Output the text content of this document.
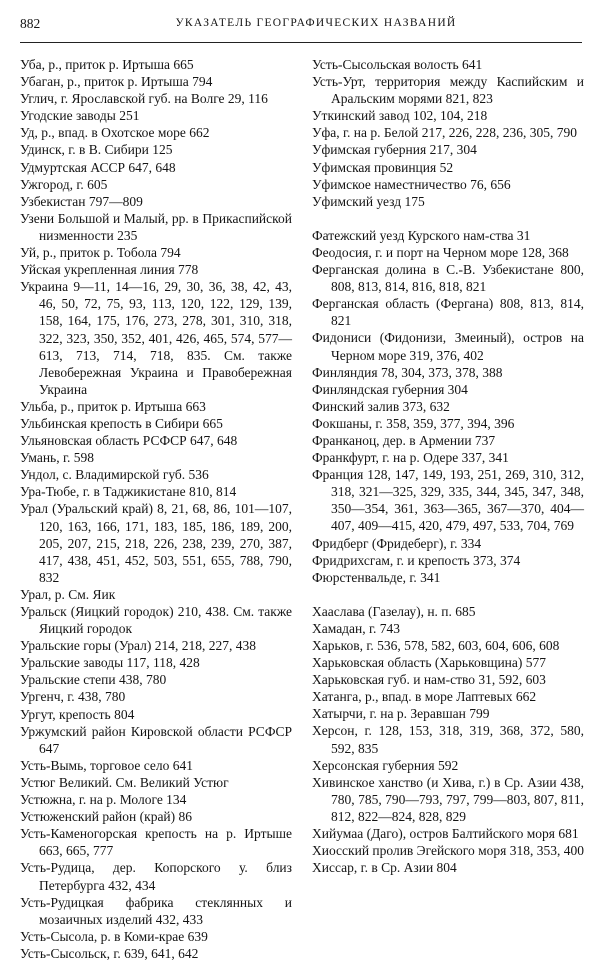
882	УКАЗАТЕЛЬ ГЕОГРАФИЧЕСКИХ НАЗВАНИЙ
Уба, р., приток р. Иртыша 665
Убаган, р., приток р. Иртыша 794
Углич, г. Ярославской губ. на Волге 29, 116
Угодские заводы 251
Уд, р., впад. в Охотское море 662
Удинск, г. в В. Сибири 125
Удмуртская АССР 647, 648
Ужгород, г. 605
Узбекистан 797—809
Узени Большой и Малый, рр. в Прикаспийской низменности 235
Уй, р., приток р. Тобола 794
Уйская укрепленная линия 778
Украина 9—11, 14—16, 29, 30, 36, 38, 42, 43, 46, 50, 72, 75, 93, 113, 120, 122, 129, 139, 158, 164, 175, 176, 273, 278, 301, 310, 318, 322, 323, 350, 352, 401, 426, 465, 574, 577—613, 713, 714, 718, 835. См. также Левобережная Украина и Правобережная Украина
Ульба, р., приток р. Иртыша 663
Ульбинская крепость в Сибири 665
Ульяновская область РСФСР 647, 648
Умань, г. 598
Ундол, с. Владимирской губ. 536
Ура-Тюбе, г. в Таджикистане 810, 814
Урал (Уральский край) 8, 21, 68, 86, 101—107, 120, 163, 166, 171, 183, 185, 186, 189, 200, 205, 207, 215, 218, 226, 238, 239, 270, 387, 417, 438, 451, 452, 503, 551, 655, 788, 790, 832
Урал, р. См. Яик
Уральск (Яицкий городок) 210, 438. См. также Яицкий городок
Уральские горы (Урал) 214, 218, 227, 438
Уральские заводы 117, 118, 428
Уральские степи 438, 780
Ургенч, г. 438, 780
Ургут, крепость 804
Уржумский район Кировской области РСФСР 647
Усть-Вымь, торговое село 641
Устюг Великий. См. Великий Устюг
Устюжна, г. на р. Мологе 134
Устюженский район (край) 86
Усть-Каменогорская крепость на р. Иртыше 663, 665, 777
Усть-Рудица, дер. Копорского у. близ Петербурга 432, 434
Усть-Рудицкая фабрика стеклянных и мозаичных изделий 432, 433
Усть-Сысола, р. в Коми-крае 639
Усть-Сысольск, г. 639, 641, 642
Усть-Сысольская волость 641
Усть-Урт, территория между Каспийским и Аральским морями 821, 823
Уткинский завод 102, 104, 218
Уфа, г. на р. Белой 217, 226, 228, 236, 305, 790
Уфимская губерния 217, 304
Уфимская провинция 52
Уфимское наместничество 76, 656
Уфимский уезд 175
Фатежский уезд Курского нам-ства 31
Феодосия, г. и порт на Черном море 128, 368
Ферганская долина в С.-В. Узбекистане 800, 808, 813, 814, 816, 818, 821
Ферганская область (Фергана) 808, 813, 814, 821
Фидониси (Фидонизи, Змеиный), остров на Черном море 319, 376, 402
Финляндия 78, 304, 373, 378, 388
Финляндская губерния 304
Финский залив 373, 632
Фокшаны, г. 358, 359, 377, 394, 396
Франканоц, дер. в Армении 737
Франкфурт, г. на р. Одере 337, 341
Франция 128, 147, 149, 193, 251, 269, 310, 312, 318, 321—325, 329, 335, 344, 345, 347, 348, 350—354, 361, 363—365, 367—370, 404—407, 409—415, 420, 479, 497, 533, 704, 769
Фридберг (Фридеберг), г. 334
Фридрихсгам, г. и крепость 373, 374
Фюрстенвальде, г. 341
Хааслава (Газелау), н. п. 685
Хамадан, г. 743
Харьков, г. 536, 578, 582, 603, 604, 606, 608
Харьковская область (Харьковщина) 577
Харьковская губ. и нам-ство 31, 592, 603
Хатанга, р., впад. в море Лаптевых 662
Хатырчи, г. на р. Зеравшан 799
Херсон, г. 128, 153, 318, 319, 368, 372, 580, 592, 835
Херсонская губерния 592
Хивинское ханство (и Хива, г.) в Ср. Азии 438, 780, 785, 790—793, 797, 799—803, 807, 811, 812, 822—824, 828, 829
Хийумаа (Даго), остров Балтийского моря 681
Хиосский пролив Эгейского моря 318, 353, 400
Хиссар, г. в Ср. Азии 804
